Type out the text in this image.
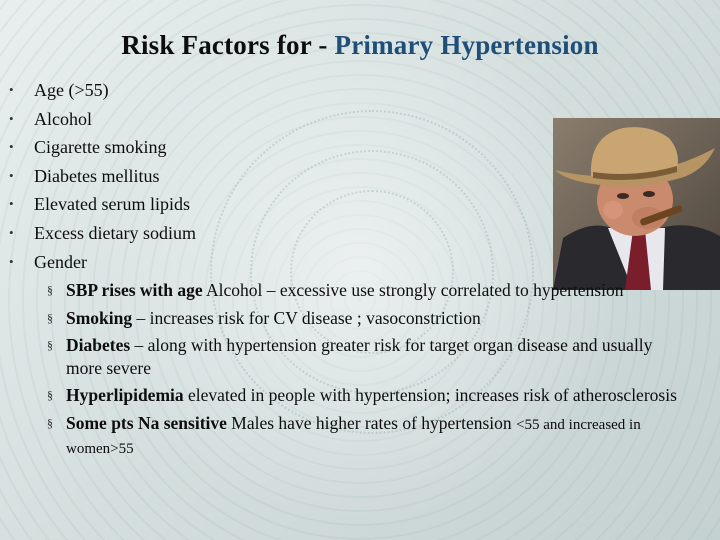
Risk Factors for - Primary Hypertension
• Age (>55)
• Alcohol
• Cigarette smoking
• Diabetes mellitus
• Elevated serum lipids
• Excess dietary sodium
• Gender
§ SBP rises with age Alcohol – excessive use strongly correlated to hypertension
§ Smoking – increases risk for CV disease ; vasoconstriction
§ Diabetes – along with hypertension greater risk for target organ disease and usually more severe
§ Hyperlipidemia elevated in people with hypertension; increases risk of atherosclerosis
§ Some pts Na sensitive Males have higher rates of hypertension <55 and increased in women>55
